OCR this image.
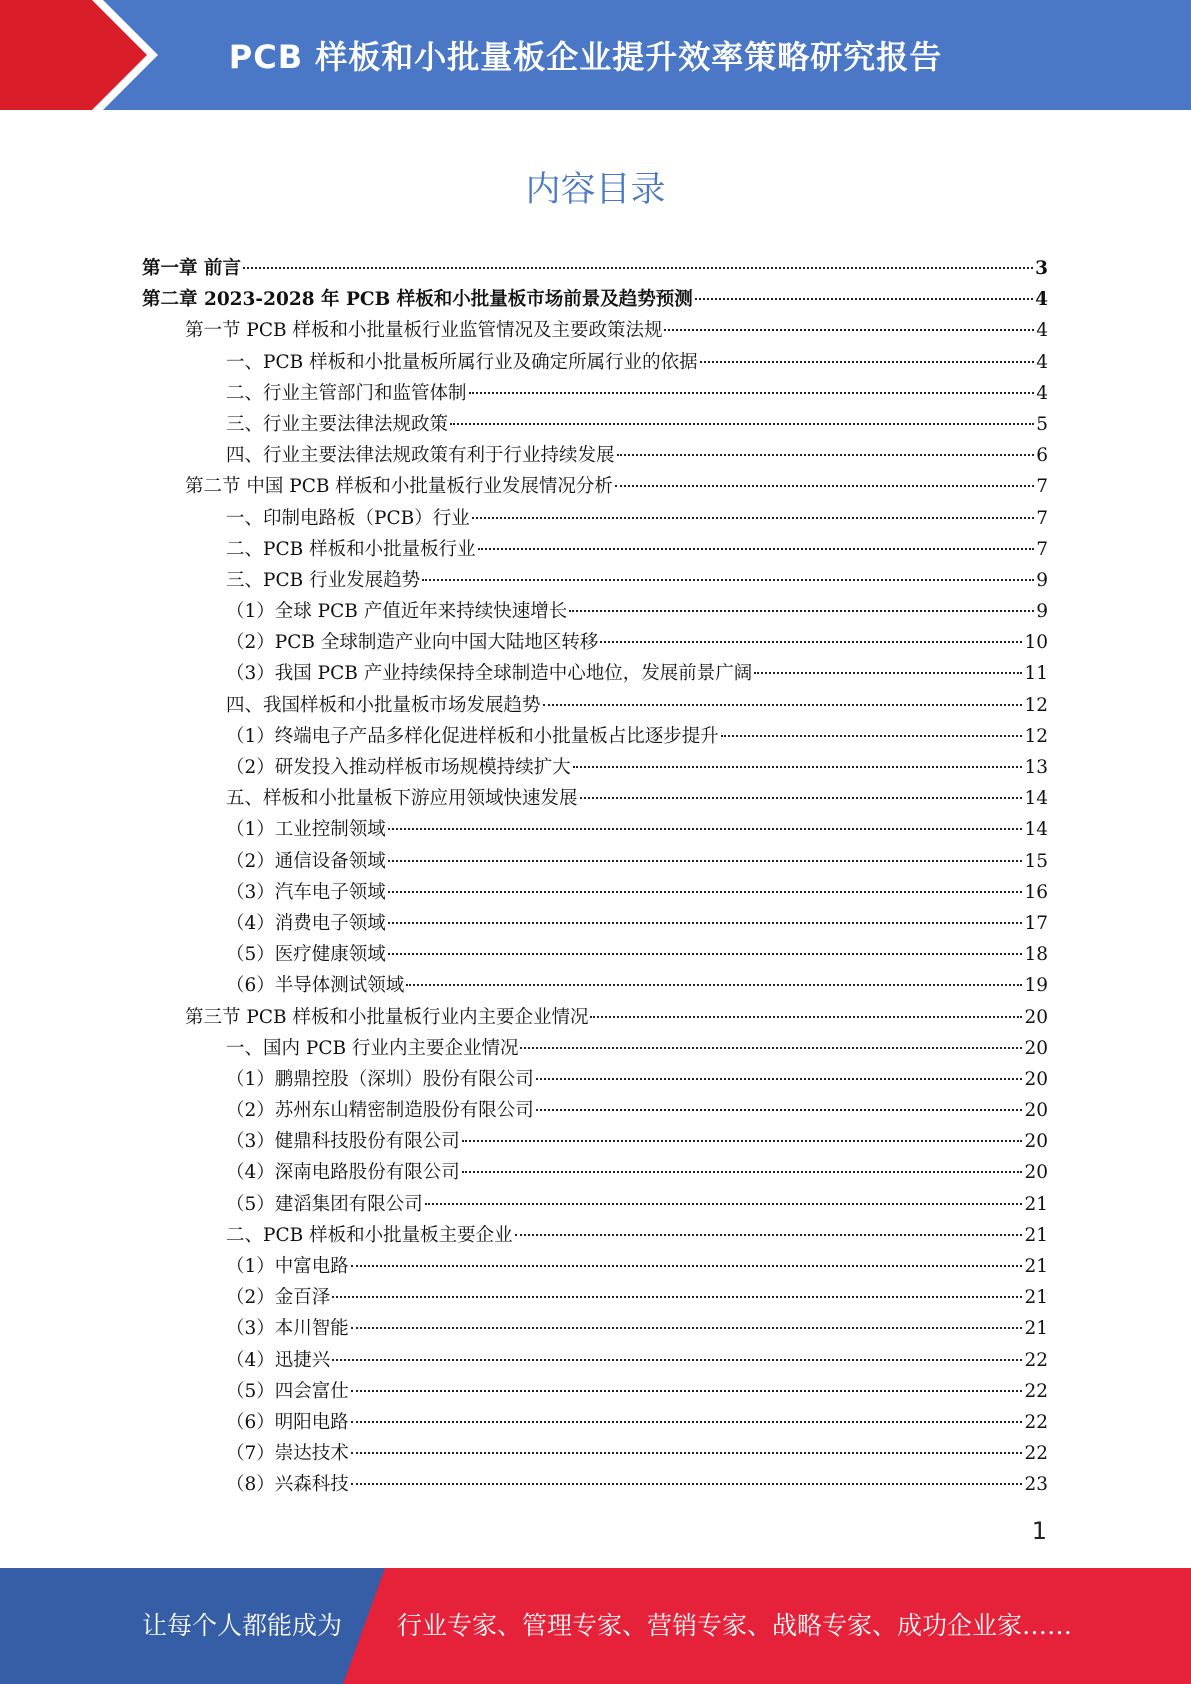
PCB 样板和小批量板企业提升效率策略研究报告
内容目录
第一章 前言	3
第二章 2023-2028 年 PCB 样板和小批量板市场前景及趋势预测	4
第一节 PCB 样板和小批量板行业监管情况及主要政策法规	4
一、PCB 样板和小批量板所属行业及确定所属行业的依据	4
二、行业主管部门和监管体制	4
三、行业主要法律法规政策	5
四、行业主要法律法规政策有利于行业持续发展	6
第二节 中国 PCB 样板和小批量板行业发展情况分析	7
一、印制电路板（PCB）行业	7
二、PCB 样板和小批量板行业	7
三、PCB 行业发展趋势	9
（1）全球 PCB 产值近年来持续快速增长	9
（2）PCB 全球制造产业向中国大陆地区转移	10
（3）我国 PCB 产业持续保持全球制造中心地位，发展前景广阔	11
四、我国样板和小批量板市场发展趋势	12
（1）终端电子产品多样化促进样板和小批量板占比逐步提升	12
（2）研发投入推动样板市场规模持续扩大	13
五、样板和小批量板下游应用领域快速发展	14
（1）工业控制领域	14
（2）通信设备领域	15
（3）汽车电子领域	16
（4）消费电子领域	17
（5）医疗健康领域	18
（6）半导体测试领域	19
第三节 PCB 样板和小批量板行业内主要企业情况	20
一、国内 PCB 行业内主要企业情况	20
（1）鹏鼎控股（深圳）股份有限公司	20
（2）苏州东山精密制造股份有限公司	20
（3）健鼎科技股份有限公司	20
（4）深南电路股份有限公司	20
（5）建滔集团有限公司	21
二、PCB 样板和小批量板主要企业	21
（1）中富电路	21
（2）金百泽	21
（3）本川智能	21
（4）迅捷兴	22
（5）四会富仕	22
（6）明阳电路	22
（7）崇达技术	22
（8）兴森科技	23
1
让每个人都能成为 行业专家、管理专家、营销专家、战略专家、成功企业家……
